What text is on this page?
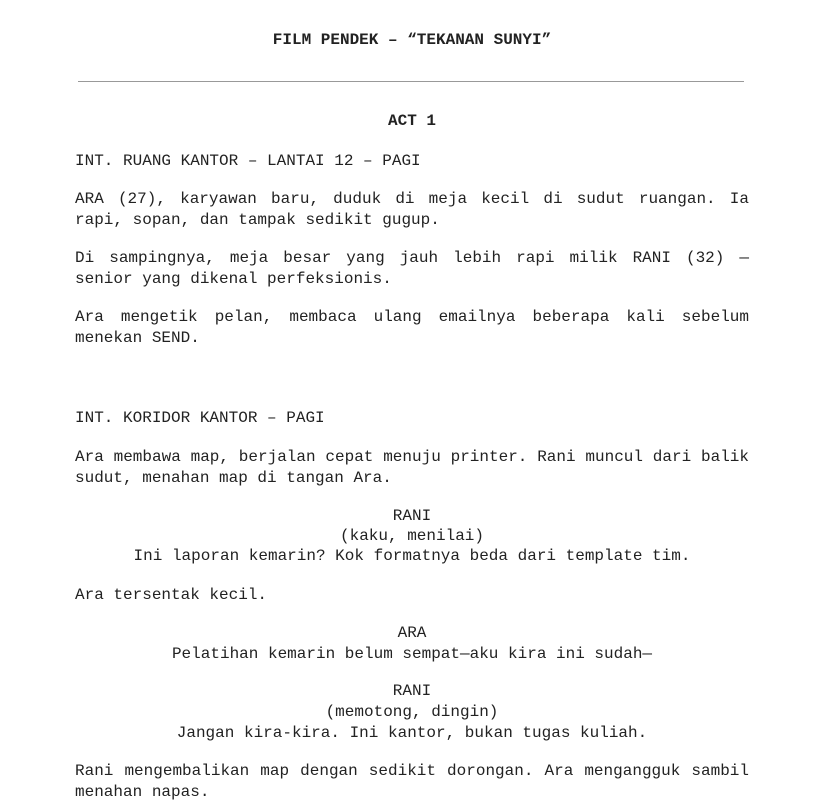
FILM PENDEK – “TEKANAN SUNYI”
ACT 1
INT. RUANG KANTOR – LANTAI 12 – PAGI
ARA (27), karyawan baru, duduk di meja kecil di sudut ruangan. Ia rapi, sopan, dan tampak sedikit gugup.
Di sampingnya, meja besar yang jauh lebih rapi milik RANI (32) — senior yang dikenal perfeksionis.
Ara mengetik pelan, membaca ulang emailnya beberapa kali sebelum menekan SEND.
INT. KORIDOR KANTOR – PAGI
Ara membawa map, berjalan cepat menuju printer. Rani muncul dari balik sudut, menahan map di tangan Ara.
RANI
(kaku, menilai)
Ini laporan kemarin? Kok formatnya beda dari template tim.
Ara tersentak kecil.
ARA
Pelatihan kemarin belum sempat—aku kira ini sudah—
RANI
(memotong, dingin)
Jangan kira-kira. Ini kantor, bukan tugas kuliah.
Rani mengembalikan map dengan sedikit dorongan. Ara mengangguk sambil menahan napas.
